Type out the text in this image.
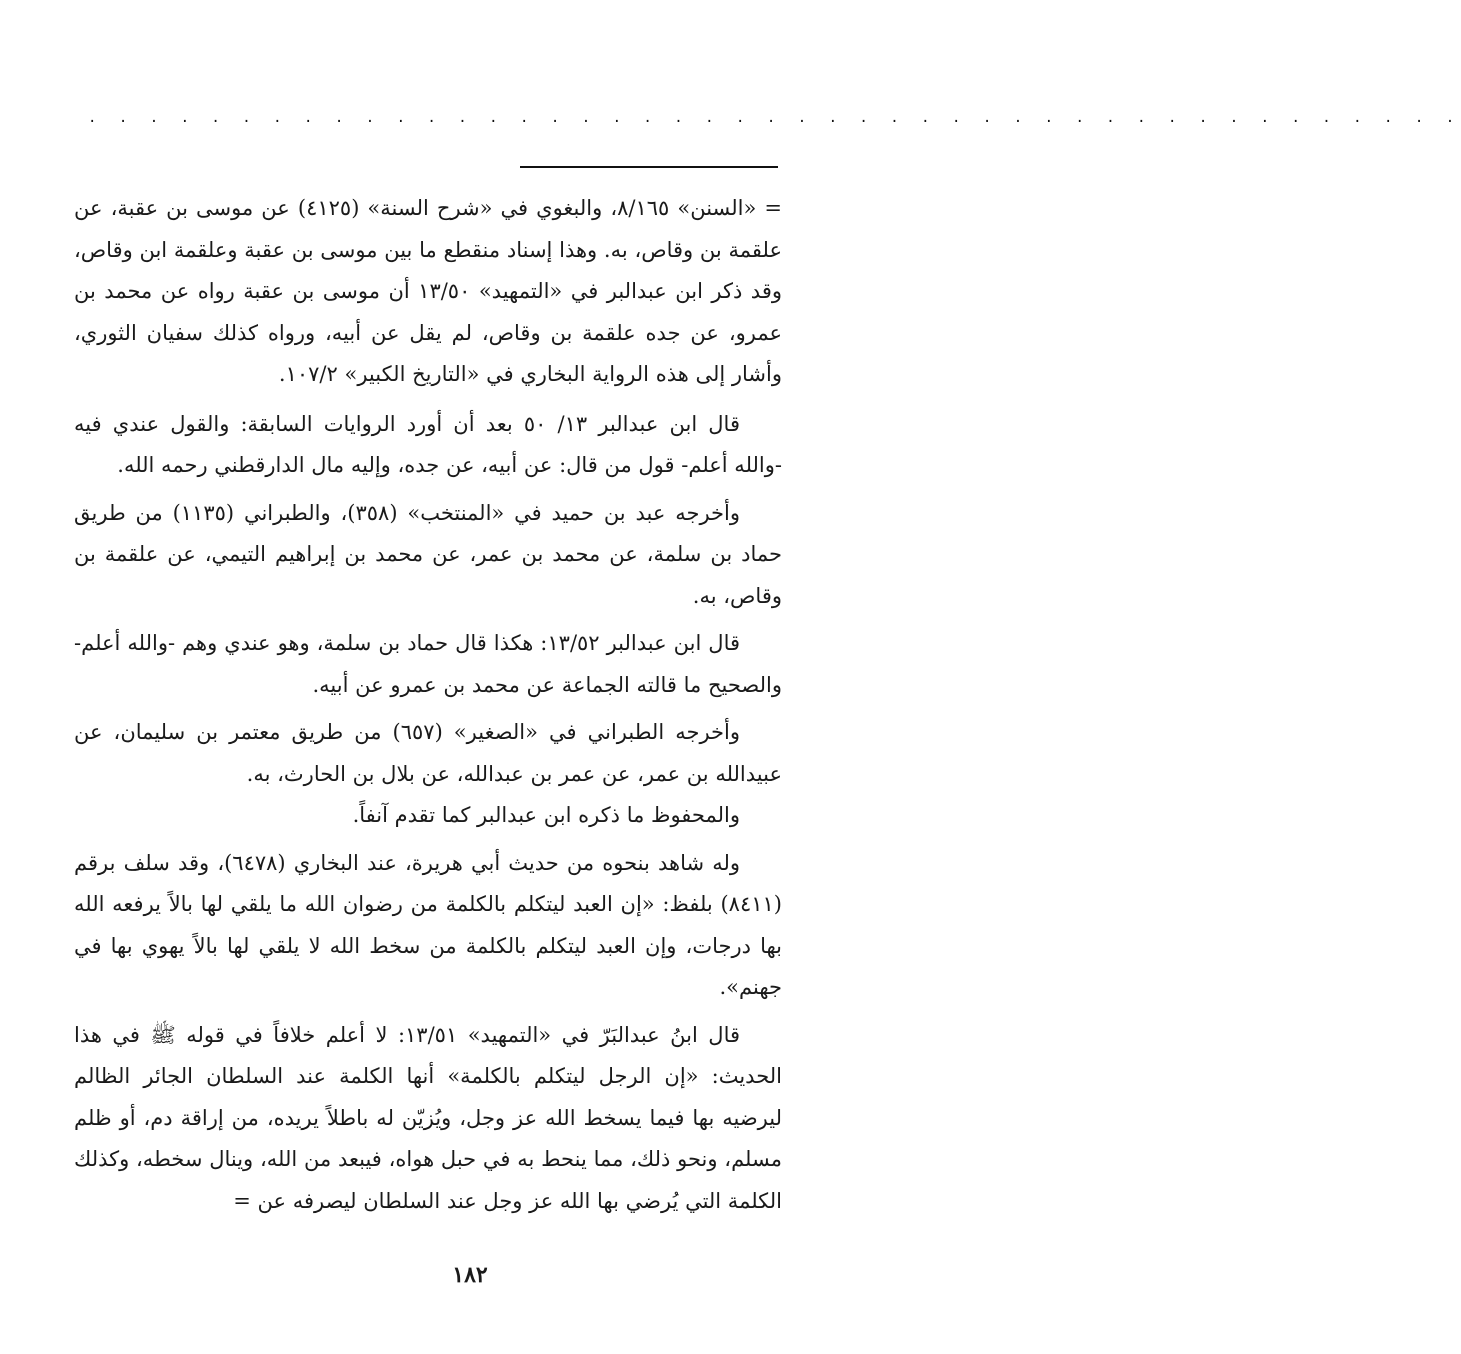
. . . . . . . . . . . . . . . . . . . . . . . . . . . . . . . . . . . . . . . . . . . . .

= «السنن» ٨/١٦٥، والبغوي في «شرح السنة» (٤١٢٥) عن موسى بن عقبة، عن علقمة بن وقاص، به. وهذا إسناد منقطع ما بين موسى بن عقبة وعلقمة ابن وقاص، وقد ذكر ابن عبدالبر في «التمهيد» ١٣/٥٠ أن موسى بن عقبة رواه عن محمد بن عمرو، عن جده علقمة بن وقاص، لم يقل عن أبيه، ورواه كذلك سفيان الثوري، وأشار إلى هذه الرواية البخاري في «التاريخ الكبير» ١٠٧/٢.

قال ابن عبدالبر ١٣/ ٥٠ بعد أن أورد الروايات السابقة: والقول عندي فيه -والله أعلم- قول من قال: عن أبيه، عن جده، وإليه مال الدارقطني رحمه الله.

وأخرجه عبد بن حميد في «المنتخب» (٣٥٨)، والطبراني (١١٣٥) من طريق حماد بن سلمة، عن محمد بن عمر، عن محمد بن إبراهيم التيمي، عن علقمة بن وقاص، به.

قال ابن عبدالبر ١٣/٥٢: هكذا قال حماد بن سلمة، وهو عندي وهم -والله أعلم- والصحيح ما قالته الجماعة عن محمد بن عمرو عن أبيه.

وأخرجه الطبراني في «الصغير» (٦٥٧) من طريق معتمر بن سليمان، عن عبيدالله بن عمر، عن عمر بن عبدالله، عن بلال بن الحارث، به.

والمحفوظ ما ذكره ابن عبدالبر كما تقدم آنفاً.

وله شاهد بنحوه من حديث أبي هريرة، عند البخاري (٦٤٧٨)، وقد سلف برقم (٨٤١١) بلفظ: «إن العبد ليتكلم بالكلمة من رضوان الله ما يلقي لها بالاً يرفعه الله بها درجات، وإن العبد ليتكلم بالكلمة من سخط الله لا يلقي لها بالاً يهوي بها في جهنم».

قال ابنُ عبدالبَرّ في «التمهيد» ١٣/٥١: لا أعلم خلافاً في قوله ﷺ في هذا الحديث: «إن الرجل ليتكلم بالكلمة» أنها الكلمة عند السلطان الجائر الظالم ليرضيه بها فيما يسخط الله عز وجل، ويُزيّن له باطلاً يريده، من إراقة دم، أو ظلم مسلم، ونحو ذلك، مما ينحط به في حبل هواه، فيبعد من الله، وينال سخطه، وكذلك الكلمة التي يُرضي بها الله عز وجل عند السلطان ليصرفه عن =

١٨٢
